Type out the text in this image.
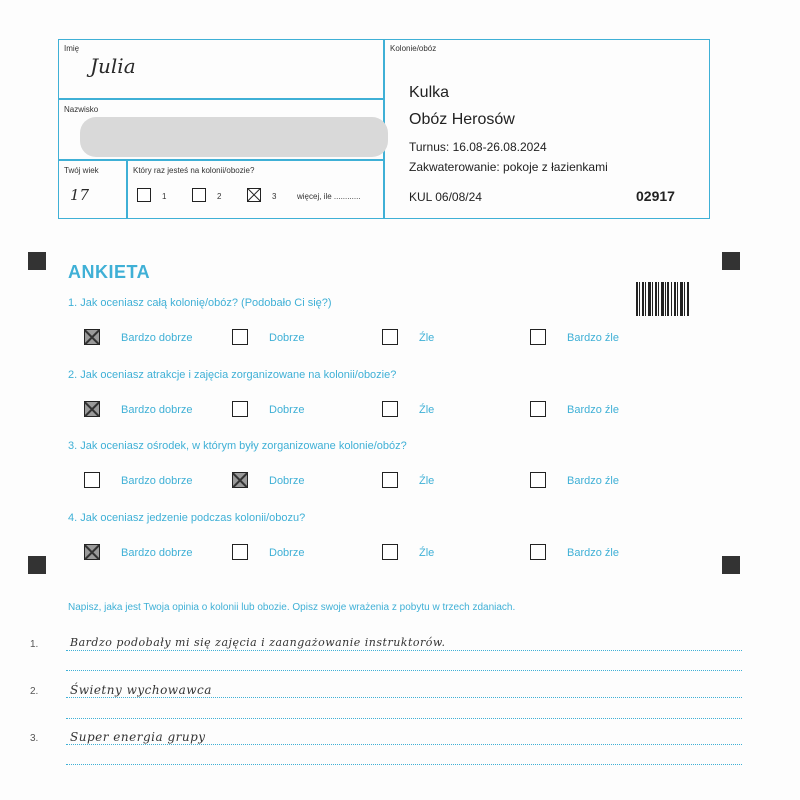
Imię
Julia
Nazwisko
Twój wiek
17
Który raz jesteś na kolonii/obozie?
1	2	3	więcej, ile ............
Kolonie/obóz
Kulka
Obóz Herosów
Turnus: 16.08-26.08.2024
Zakwaterowanie: pokoje z łazienkami
KUL 06/08/24	02917
ANKIETA
1. Jak oceniasz całą kolonię/obóz? (Podobało Ci się?)
2. Jak oceniasz atrakcje i zajęcia zorganizowane na kolonii/obozie?
3. Jak oceniasz ośrodek, w którym były zorganizowane kolonie/obóz?
4. Jak oceniasz jedzenie podczas kolonii/obozu?
Bardzo dobrze	Dobrze	Źle	Bardzo źle
Bardzo dobrze	Dobrze	Źle	Bardzo źle
Bardzo dobrze	Dobrze	Źle	Bardzo źle
Bardzo dobrze	Dobrze	Źle	Bardzo źle
Napisz, jaka jest Twoja opinia o kolonii lub obozie. Opisz swoje wrażenia z pobytu w trzech zdaniach.
1.	Bardzo podobały mi się zajęcia i zaangażowanie instruktorów.
2.	Świetny wychowawca
3.	Super energia grupy
